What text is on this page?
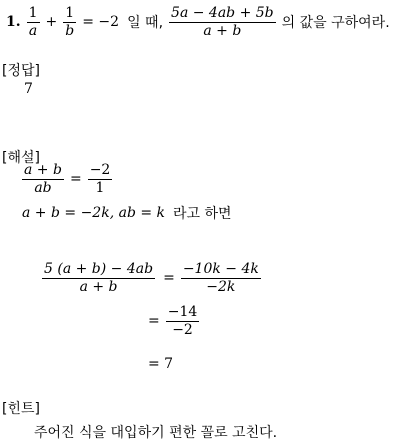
1. $\frac{1}{a} + \frac{1}{b} = -2$ 일 때, $\frac{5a - 4ab + 5b}{a + b}$ 의 값을 구하여라.
[정답]
7
[해설]
$\frac{a + b}{ab} = \frac{-2}{1}$
a + b = −2k, ab = k 라고 하면
$\frac{5 (a + b) - 4ab}{a + b} = \frac{-10k - 4k}{-2k}$
= $\frac{-14}{-2}$
= 7
[힌트]
주어진 식을 대입하기 편한 꼴로 고친다.
